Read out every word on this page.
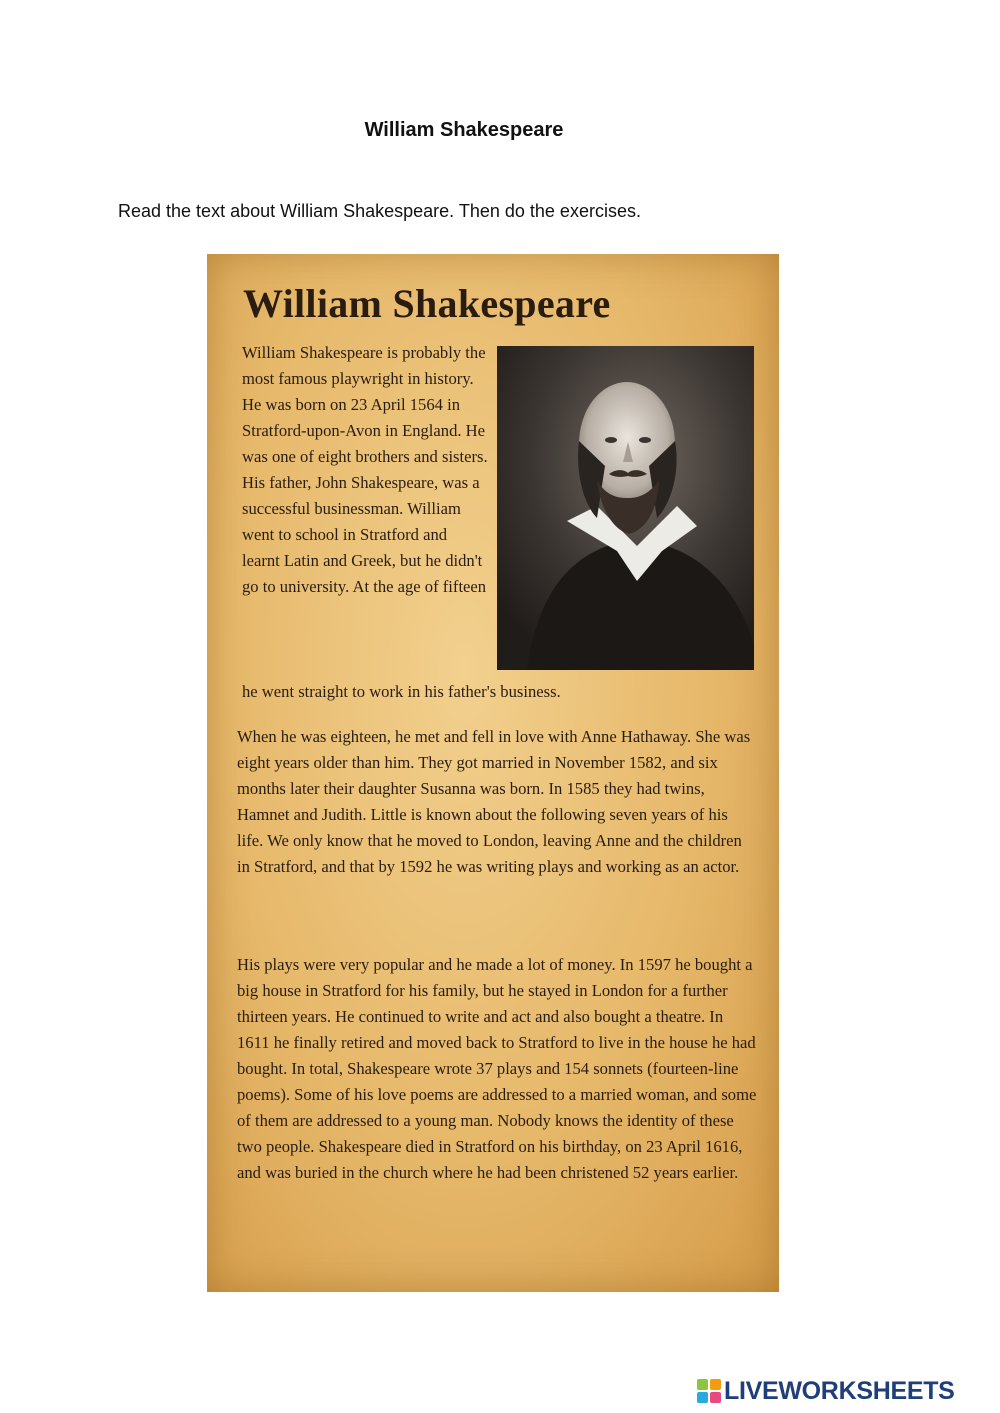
William Shakespeare
Read the text about William Shakespeare. Then do the exercises.
William Shakespeare

William Shakespeare is probably the most famous playwright in history. He was born on 23 April 1564 in Stratford-upon-Avon in England. He was one of eight brothers and sisters. His father, John Shakespeare, was a successful businessman. William went to school in Stratford and learnt Latin and Greek, but he didn't go to university. At the age of fifteen

he went straight to work in his father's business.

When he was eighteen, he met and fell in love with Anne Hathaway. She was eight years older than him. They got married in November 1582, and six months later their daughter Susanna was born. In 1585 they had twins, Hamnet and Judith. Little is known about the following seven years of his life. We only know that he moved to London, leaving Anne and the children in Stratford, and that by 1592 he was writing plays and working as an actor.

His plays were very popular and he made a lot of money. In 1597 he bought a big house in Stratford for his family, but he stayed in London for a further thirteen years. He continued to write and act and also bought a theatre. In 1611 he finally retired and moved back to Stratford to live in the house he had bought. In total, Shakespeare wrote 37 plays and 154 sonnets (fourteen-line poems). Some of his love poems are addressed to a married woman, and some of them are addressed to a young man. Nobody knows the identity of these two people. Shakespeare died in Stratford on his birthday, on 23 April 1616, and was buried in the church where he had been christened 52 years earlier.

LIVEWORKSHEETS
